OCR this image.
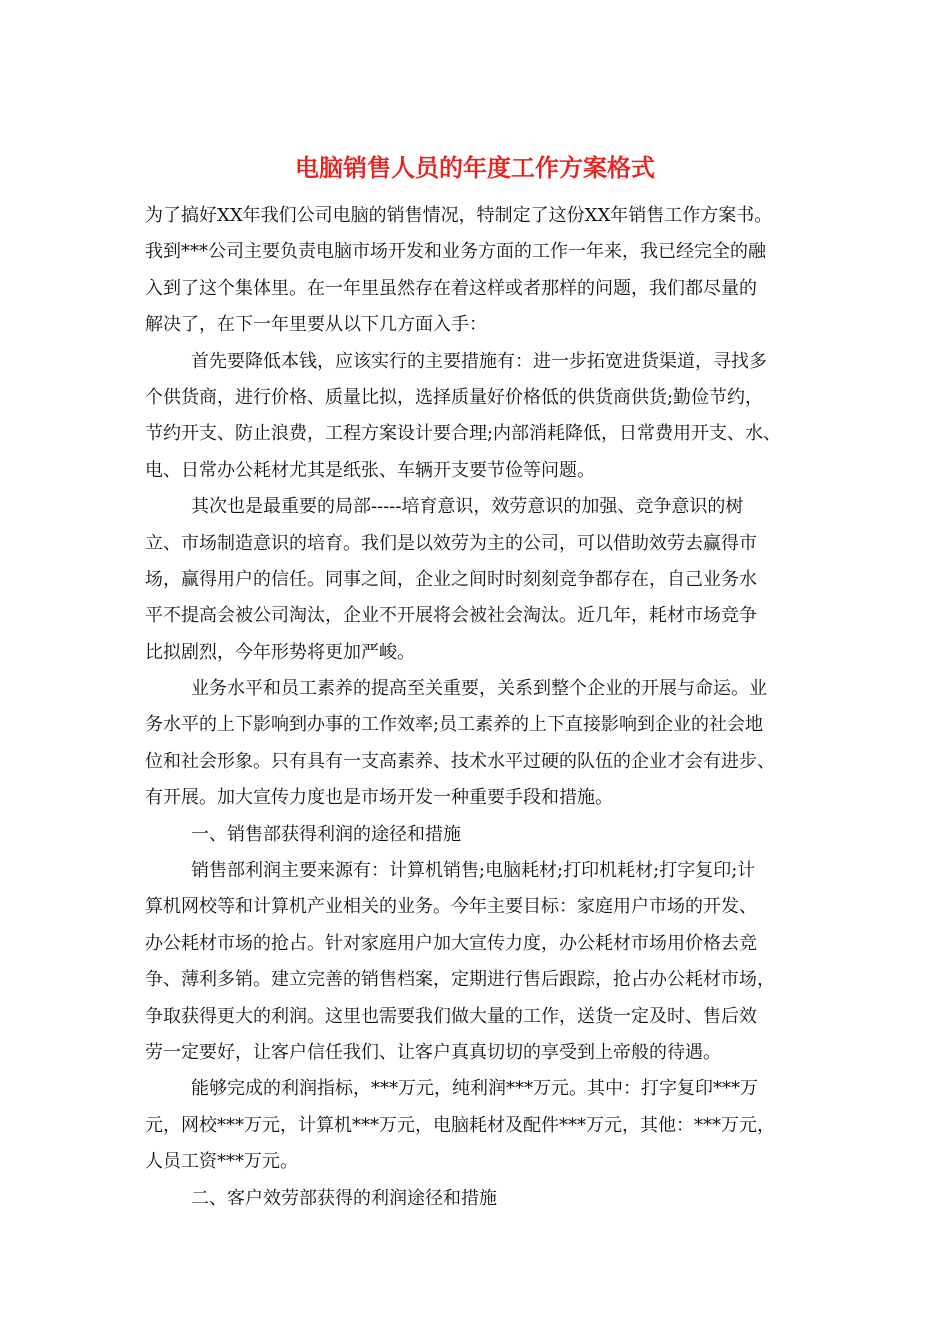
电脑销售人员的年度工作方案格式
为了搞好XX年我们公司电脑的销售情况，特制定了这份XX年销售工作方案书。
我到***公司主要负责电脑市场开发和业务方面的工作一年来，我已经完全的融
入到了这个集体里。在一年里虽然存在着这样或者那样的问题，我们都尽量的
解决了，在下一年里要从以下几方面入手：
首先要降低本钱，应该实行的主要措施有：进一步拓宽进货渠道，寻找多
个供货商，进行价格、质量比拟，选择质量好价格低的供货商供货;勤俭节约，
节约开支、防止浪费，工程方案设计要合理;内部消耗降低，日常费用开支、水、
电、日常办公耗材尤其是纸张、车辆开支要节俭等问题。
其次也是最重要的局部-----培育意识，效劳意识的加强、竞争意识的树
立、市场制造意识的培育。我们是以效劳为主的公司，可以借助效劳去赢得市
场，赢得用户的信任。同事之间，企业之间时时刻刻竞争都存在，自己业务水
平不提高会被公司淘汰，企业不开展将会被社会淘汰。近几年，耗材市场竞争
比拟剧烈，今年形势将更加严峻。
业务水平和员工素养的提高至关重要，关系到整个企业的开展与命运。业
务水平的上下影响到办事的工作效率;员工素养的上下直接影响到企业的社会地
位和社会形象。只有具有一支高素养、技术水平过硬的队伍的企业才会有进步、
有开展。加大宣传力度也是市场开发一种重要手段和措施。
一、销售部获得利润的途径和措施
销售部利润主要来源有：计算机销售;电脑耗材;打印机耗材;打字复印;计
算机网校等和计算机产业相关的业务。今年主要目标：家庭用户市场的开发、
办公耗材市场的抢占。针对家庭用户加大宣传力度，办公耗材市场用价格去竞
争、薄利多销。建立完善的销售档案，定期进行售后跟踪，抢占办公耗材市场，
争取获得更大的利润。这里也需要我们做大量的工作，送货一定及时、售后效
劳一定要好，让客户信任我们、让客户真真切切的享受到上帝般的待遇。
能够完成的利润指标，***万元，纯利润***万元。其中：打字复印***万
元，网校***万元，计算机***万元，电脑耗材及配件***万元，其他：***万元，
人员工资***万元。
二、客户效劳部获得的利润途径和措施
